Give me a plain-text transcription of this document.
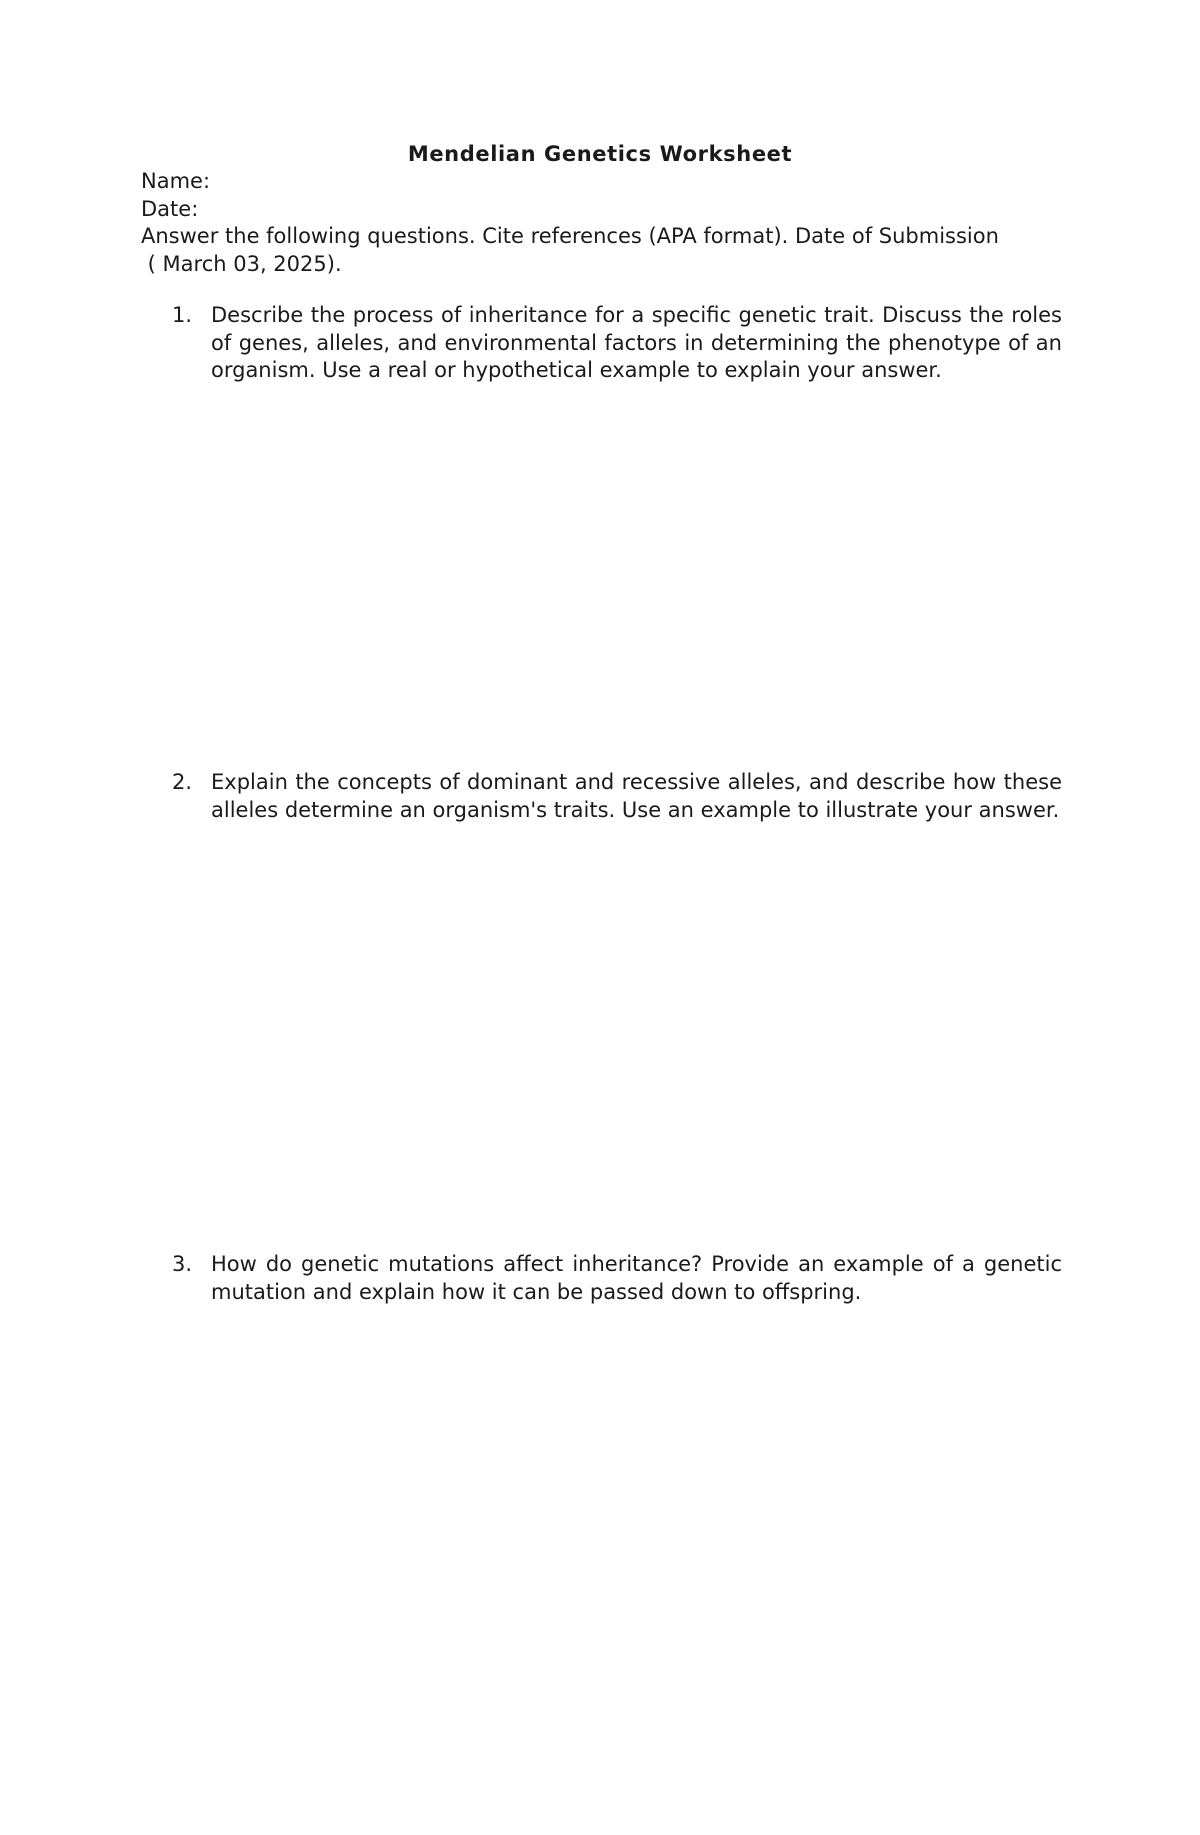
Mendelian Genetics Worksheet

Name:

Date:

Answer the following questions. Cite references (APA format). Date of Submission

( March 03, 2025).

1. Describe the process of inheritance for a specific genetic trait. Discuss the roles of genes, alleles, and environmental factors in determining the phenotype of an organism. Use a real or hypothetical example to explain your answer.
2. Explain the concepts of dominant and recessive alleles, and describe how these alleles determine an organism's traits. Use an example to illustrate your answer.
3. How do genetic mutations affect inheritance? Provide an example of a genetic mutation and explain how it can be passed down to offspring.
